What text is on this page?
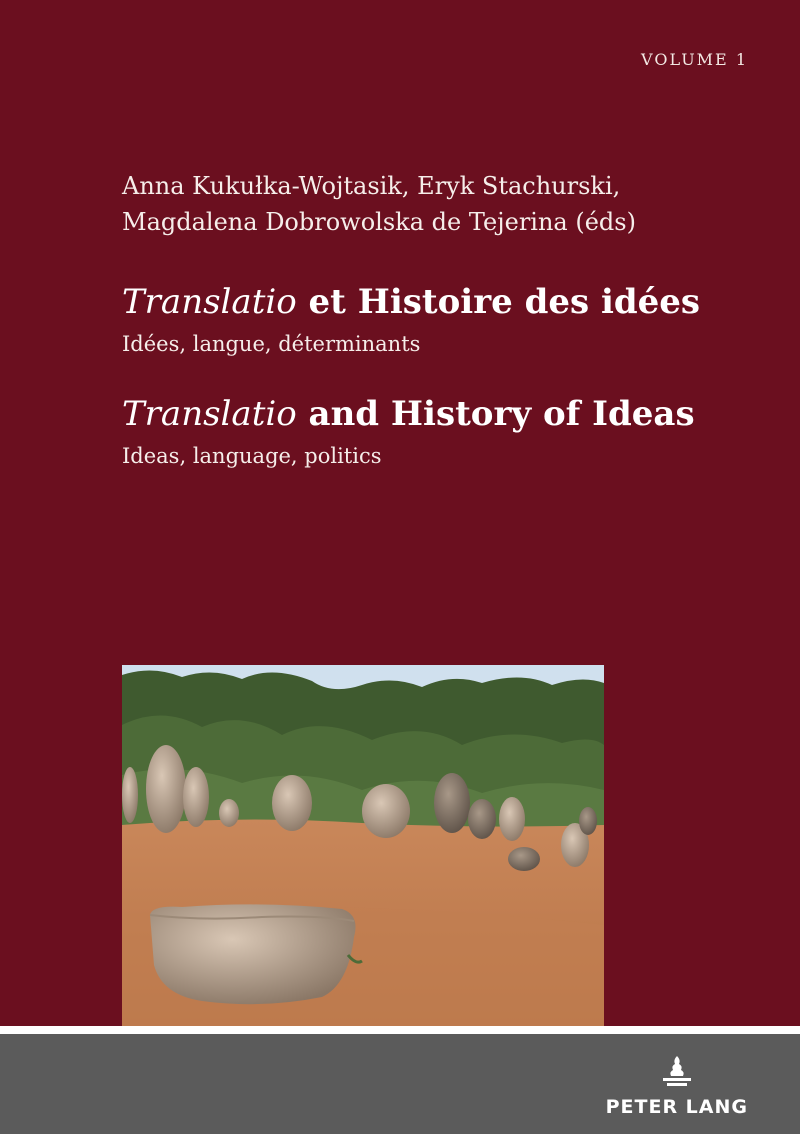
VOLUME 1
Anna Kukułka-Wojtasik, Eryk Stachurski,
Magdalena Dobrowolska de Tejerina (éds)
Translatio et Histoire des idées
Idées, langue, déterminants
Translatio and History of Ideas
Ideas, language, politics
PETER LANG
